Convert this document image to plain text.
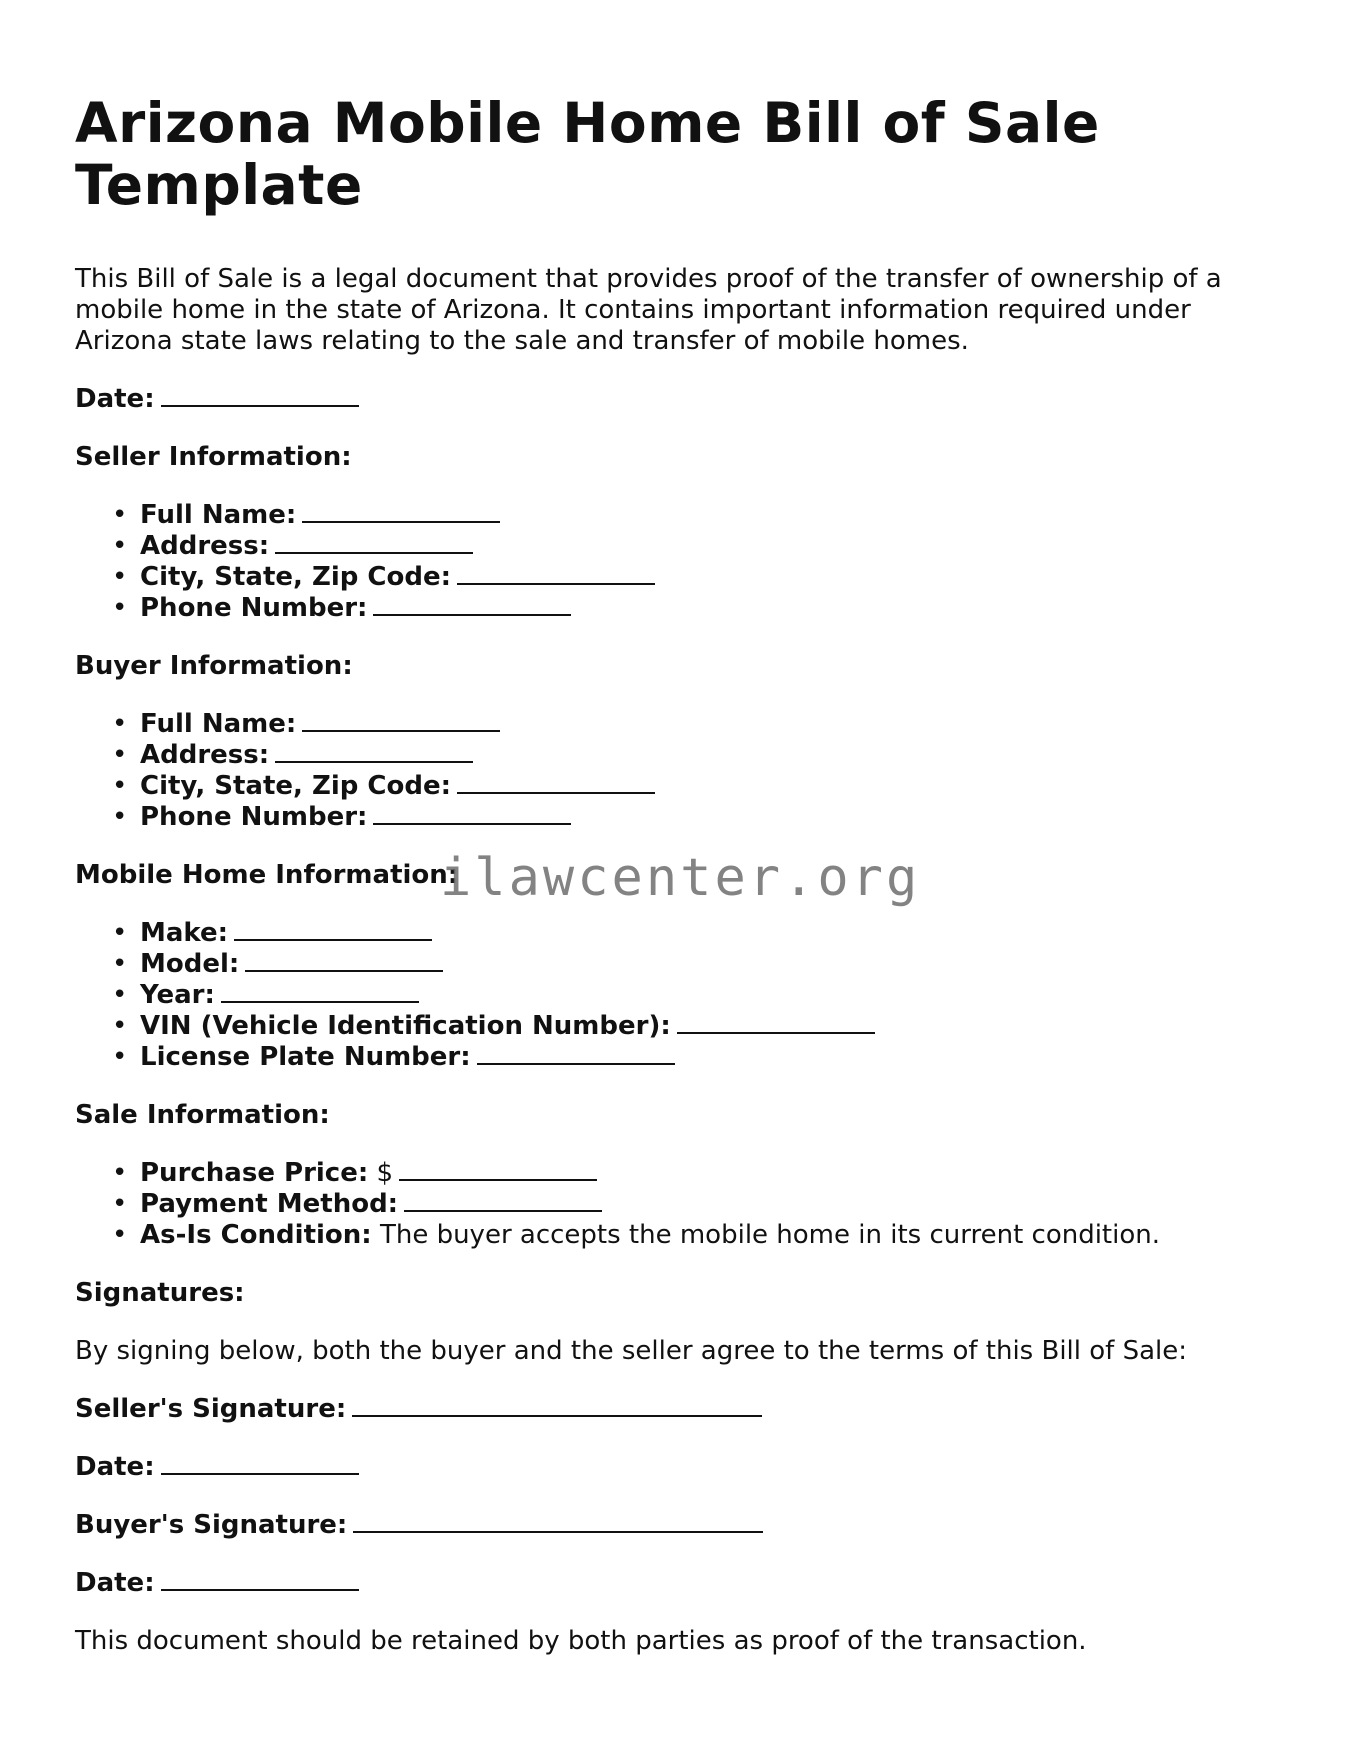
Arizona Mobile Home Bill of Sale Template

This Bill of Sale is a legal document that provides proof of the transfer of ownership of a mobile home in the state of Arizona. It contains important information required under Arizona state laws relating to the sale and transfer of mobile homes.

Date:

Seller Information:

• Full Name:
• Address:
• City, State, Zip Code:
• Phone Number:

Buyer Information:

• Full Name:
• Address:
• City, State, Zip Code:
• Phone Number:

Mobile Home Information:

• Make:
• Model:
• Year:
• VIN (Vehicle Identification Number):
• License Plate Number:

Sale Information:

• Purchase Price: $
• Payment Method:
• As-Is Condition: The buyer accepts the mobile home in its current condition.

Signatures:

By signing below, both the buyer and the seller agree to the terms of this Bill of Sale:

Seller's Signature:

Date:

Buyer's Signature:

Date:

This document should be retained by both parties as proof of the transaction.

ilawcenter.org
